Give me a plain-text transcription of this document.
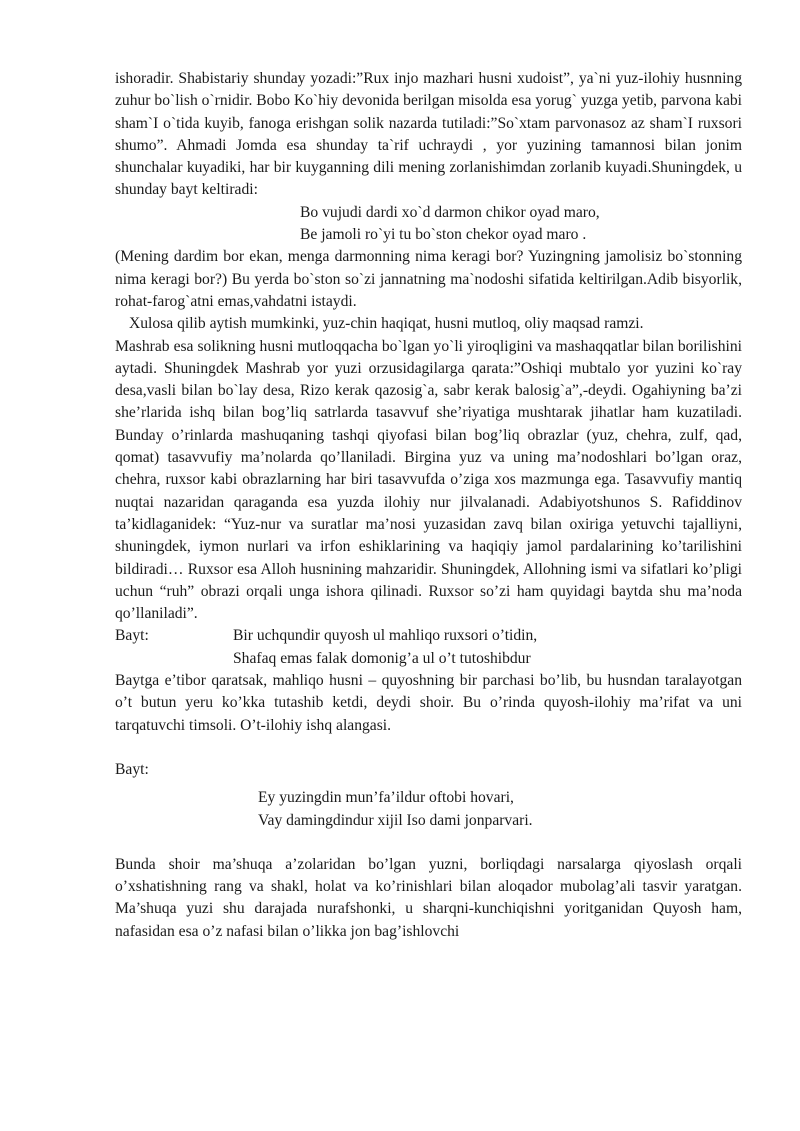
ishoradir. Shabistariy shunday yozadi:”Rux injo mazhari husni xudoist”, ya`ni yuz-ilohiy husnning zuhur bo`lish o`rnidir. Bobo Ko`hiy devonida berilgan misolda esa yorug` yuzga yetib, parvona kabi sham`I o`tida kuyib, fanoga erishgan solik nazarda tutiladi:”So`xtam parvonasoz az sham`I ruxsori shumo”. Ahmadi Jomda esa shunday ta`rif uchraydi , yor yuzining tamannosi bilan jonim shunchalar kuyadiki, har bir kuyganning dili mening zorlanishimdan zorlanib kuyadi.Shuningdek, u shunday bayt keltiradi:

Bo vujudi dardi xo`d darmon chikor oyad maro,

Be jamoli ro`yi tu bo`ston chekor oyad maro .

(Mening dardim bor ekan, menga darmonning nima keragi bor? Yuzingning jamolisiz bo`stonning nima keragi bor?) Bu yerda bo`ston so`zi jannatning ma`nodoshi sifatida keltirilgan.Adib bisyorlik, rohat-farog`atni emas,vahdatni istaydi.

Xulosa qilib aytish mumkinki, yuz-chin haqiqat, husni mutloq, oliy maqsad ramzi.

Mashrab esa solikning husni mutloqqacha bo`lgan yo`li yiroqligini va mashaqqatlar bilan borilishini aytadi. Shuningdek Mashrab yor yuzi orzusidagilarga qarata:”Oshiqi mubtalo yor yuzini ko`ray desa,vasli bilan bo`lay desa, Rizo kerak qazosig`a, sabr kerak balosig`a”,-deydi. Ogahiyning ba’zi she’rlarida ishq bilan bog’liq satrlarda tasavvuf she’riyatiga mushtarak jihatlar ham kuzatiladi. Bunday o’rinlarda mashuqaning tashqi qiyofasi bilan bog’liq obrazlar (yuz, chehra, zulf, qad, qomat) tasavvufiy ma’nolarda qo’llaniladi. Birgina yuz va uning ma’nodoshlari bo’lgan oraz, chehra, ruxsor kabi obrazlarning har biri tasavvufda o’ziga xos mazmunga ega. Tasavvufiy mantiq nuqtai nazaridan qaraganda esa yuzda ilohiy nur jilvalanadi. Adabiyotshunos S. Rafiddinov ta’kidlaganidek: “Yuz-nur va suratlar ma’nosi yuzasidan zavq bilan oxiriga yetuvchi tajalliyni, shuningdek, iymon nurlari va irfon eshiklarining va haqiqiy jamol pardalarining ko’tarilishini bildiradi… Ruxsor esa Alloh husnining mahzaridir. Shuningdek, Allohning ismi va sifatlari ko’pligi uchun “ruh” obrazi orqali unga ishora qilinadi. Ruxsor so’zi ham quyidagi baytda shu ma’noda qo’llaniladi”.

Bayt:	Bir uchqundir quyosh ul mahliqo ruxsori o’tidin,

Shafaq emas falak domonig’a ul o’t tutoshibdur

Baytga e’tibor qaratsak, mahliqo husni – quyoshning bir parchasi bo’lib, bu husndan taralayotgan o’t butun yeru ko’kka tutashib ketdi, deydi shoir. Bu o’rinda quyosh-ilohiy ma’rifat va uni tarqatuvchi timsoli. O’t-ilohiy ishq alangasi.

Bayt:

Ey yuzingdin mun’fa’ildur oftobi hovari,

Vay damingdindur xijil Iso dami jonparvari.

Bunda shoir ma’shuqa a’zolaridan bo’lgan yuzni, borliqdagi narsalarga qiyoslash orqali o’xshatishning rang va shakl, holat va ko’rinishlari bilan aloqador mubolag’ali tasvir yaratgan. Ma’shuqa yuzi shu darajada nurafshonki, u sharqni-kunchiqishni yoritganidan Quyosh ham, nafasidan esa o’z nafasi bilan o’likka jon bag’ishlovchi
